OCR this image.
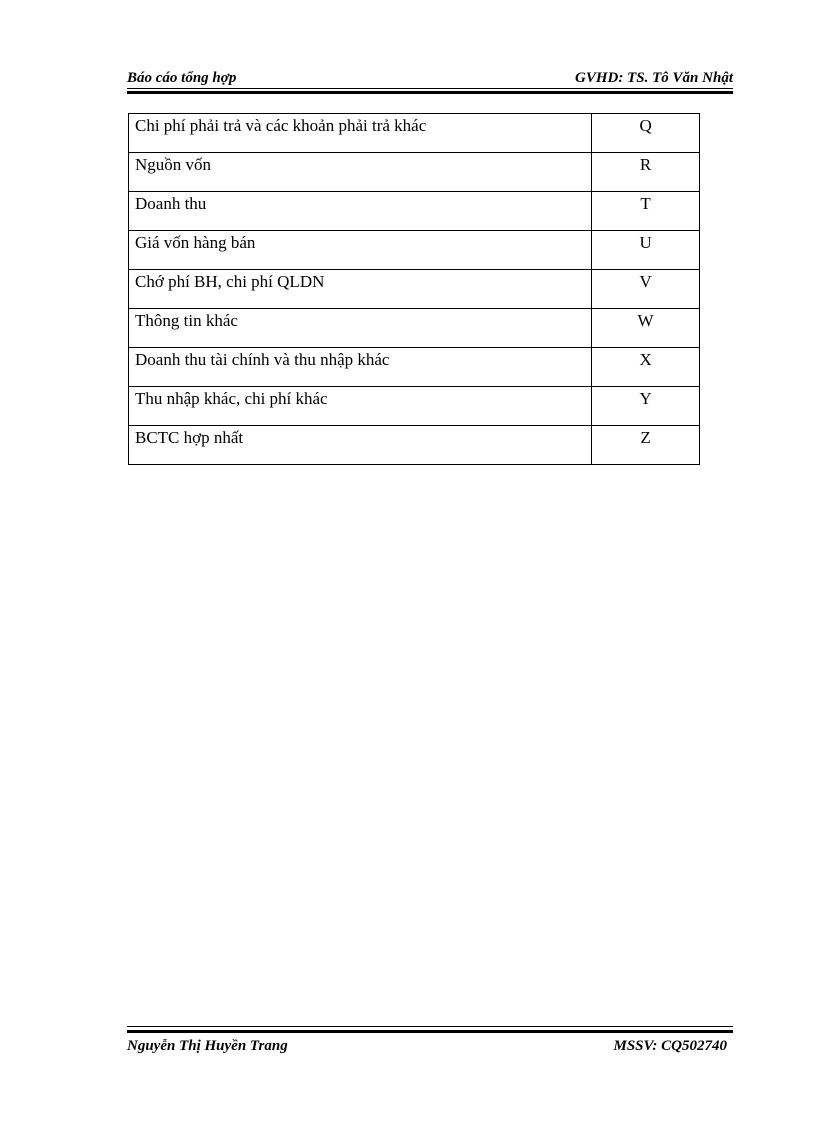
Báo cáo tổng hợp	GVHD: TS. Tô Văn Nhật
Chi phí phải trả và các khoản phải trả khác	Q
Nguồn vốn	R
Doanh thu	T
Giá vốn hàng bán	U
Chớ phí BH, chi phí QLDN	V
Thông tin khác	W
Doanh thu tài chính và thu nhập khác	X
Thu nhập khác, chi phí khác	Y
BCTC hợp nhất	Z
Nguyễn Thị Huyền Trang	MSSV: CQ502740
